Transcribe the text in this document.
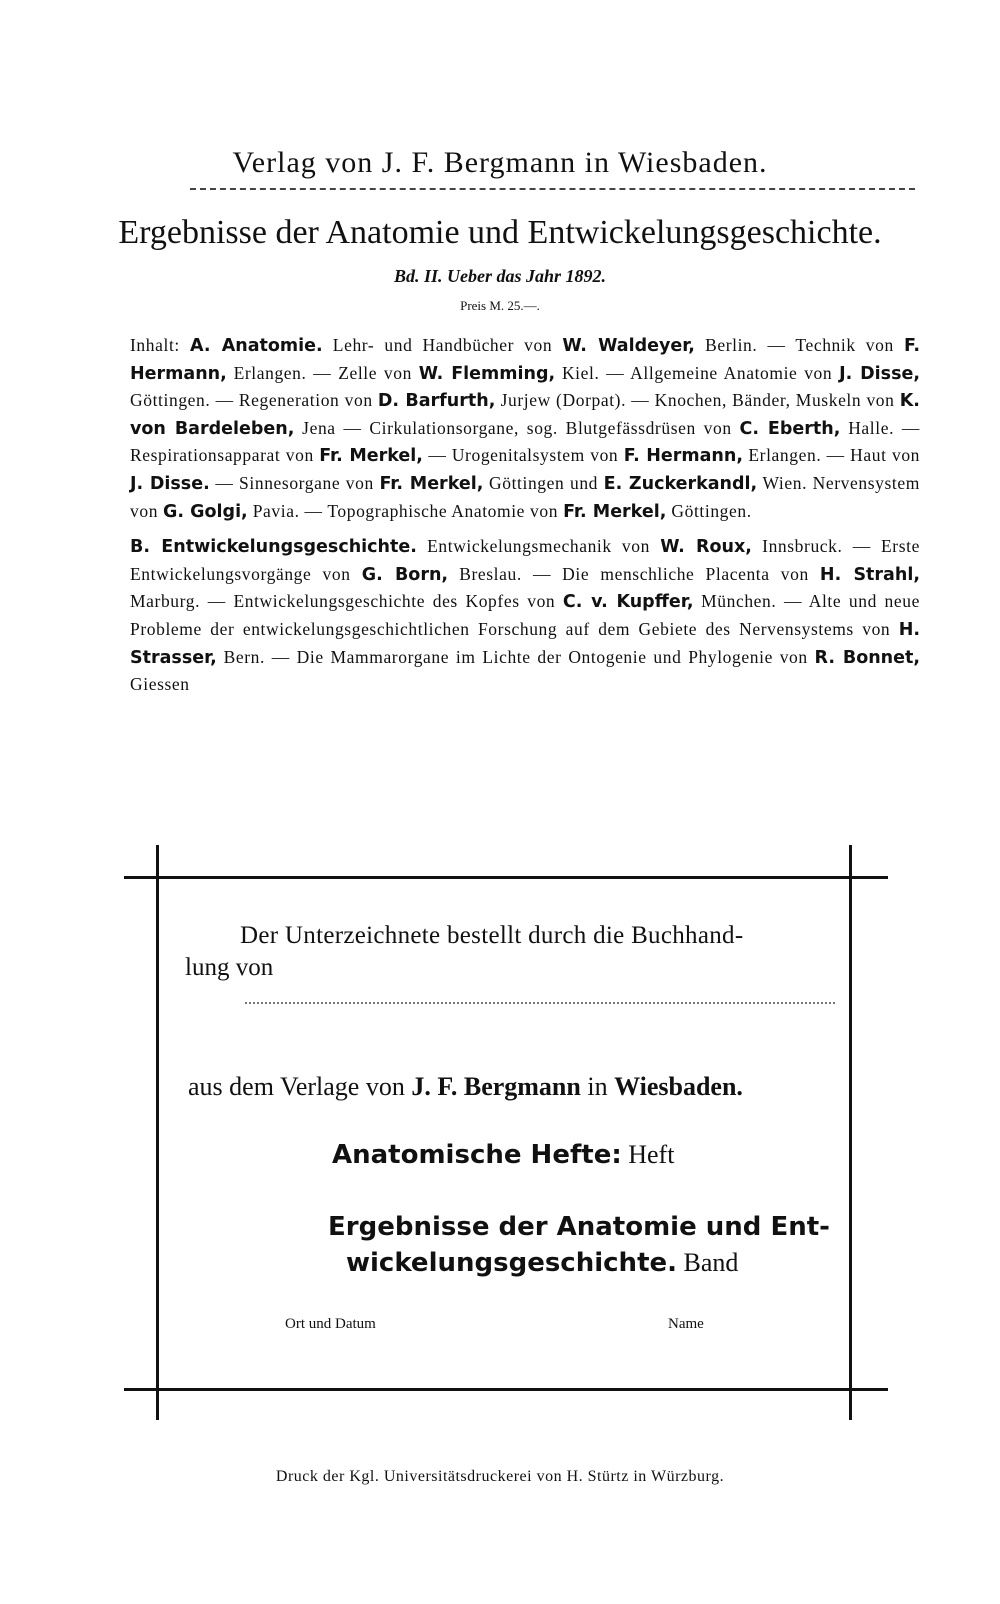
Verlag von J. F. Bergmann in Wiesbaden.
Ergebnisse der Anatomie und Entwickelungsgeschichte.
Bd. II. Ueber das Jahr 1892.
Preis M. 25.—.

Inhalt: A. Anatomie. Lehr- und Handbücher von W. Waldeyer, Berlin. — Technik von F. Hermann, Erlangen. — Zelle von W. Flemming, Kiel. — Allgemeine Anatomie von J. Disse, Göttingen. — Regeneration von D. Barfurth, Jurjew (Dorpat). — Knochen, Bänder, Muskeln von K. von Bardeleben, Jena — Cirkulationsorgane, sog. Blutgefässdrüsen von C. Eberth, Halle. — Respirationsapparat von Fr. Merkel, — Urogenitalsystem von F. Hermann, Erlangen. — Haut von J. Disse. — Sinnesorgane von Fr. Merkel, Göttingen und E. Zuckerkandl, Wien. Nervensystem von G. Golgi, Pavia. — Topographische Anatomie von Fr. Merkel, Göttingen.

B. Entwickelungsgeschichte. Entwickelungsmechanik von W. Roux, Innsbruck. — Erste Entwickelungsvorgänge von G. Born, Breslau. — Die menschliche Placenta von H. Strahl, Marburg. — Entwickelungsgeschichte des Kopfes von C. v. Kupffer, München. — Alte und neue Probleme der entwickelungsgeschichtlichen Forschung auf dem Gebiete des Nervensystems von H. Strasser, Bern. — Die Mammarorgane im Lichte der Ontogenie und Phylogenie von R. Bonnet, Giessen

Der Unterzeichnete bestellt durch die Buchhand-
lung von
aus dem Verlage von J. F. Bergmann in Wiesbaden.
Anatomische Hefte: Heft
Ergebnisse der Anatomie und Ent-
wickelungsgeschichte. Band
Ort und Datum	Name
Druck der Kgl. Universitätsdruckerei von H. Stürtz in Würzburg.
